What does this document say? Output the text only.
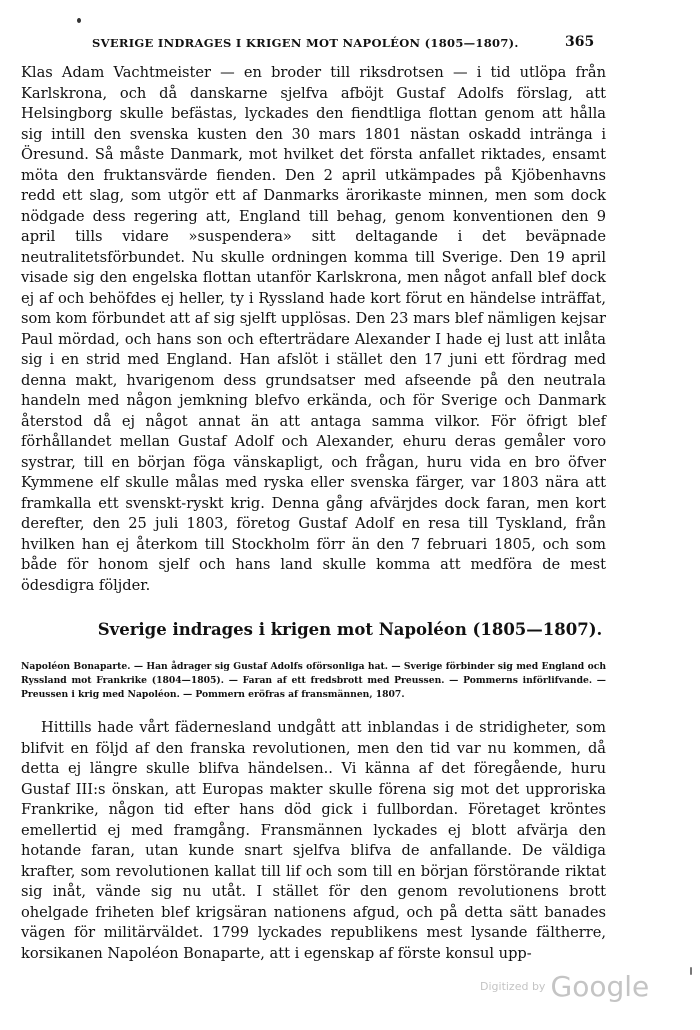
SVERIGE INDRAGES I KRIGEN MOT NAPOLÉON (1805—1807).	365

Klas Adam Vachtmeister — en broder till riksdrotsen — i tid utlöpa från Karlskrona, och då danskarne sjelfva afböjt Gustaf Adolfs förslag, att Helsingborg skulle befästas, lyckades den fiendtliga flottan genom att hålla sig intill den svenska kusten den 30 mars 1801 nästan oskadd intränga i Öresund. Så måste Danmark, mot hvilket det första anfallet riktades, ensamt möta den fruktansvärde fienden. Den 2 april utkämpades på Kjöbenhavns redd ett slag, som utgör ett af Danmarks ärorikaste minnen, men som dock nödgade dess regering att, England till behag, genom konventionen den 9 april tills vidare »suspendera» sitt deltagande i det beväpnade neutralitetsförbundet. Nu skulle ordningen komma till Sverige. Den 19 april visade sig den engelska flottan utanför Karlskrona, men något anfall blef dock ej af och behöfdes ej heller, ty i Ryssland hade kort förut en händelse inträffat, som kom förbundet att af sig sjelft upplösas. Den 23 mars blef nämligen kejsar Paul mördad, och hans son och efterträdare Alexander I hade ej lust att inlåta sig i en strid med England. Han afslöt i stället den 17 juni ett fördrag med denna makt, hvarigenom dess grundsatser med afseende på den neutrala handeln med någon jemkning blefvo erkända, och för Sverige och Danmark återstod då ej något annat än att antaga samma vilkor. För öfrigt blef förhållandet mellan Gustaf Adolf och Alexander, ehuru deras gemåler voro systrar, till en början föga vänskapligt, och frågan, huru vida en bro öfver Kymmene elf skulle målas med ryska eller svenska färger, var 1803 nära att framkalla ett svenskt-ryskt krig. Denna gång afvärjdes dock faran, men kort derefter, den 25 juli 1803, företog Gustaf Adolf en resa till Tyskland, från hvilken han ej återkom till Stockholm förr än den 7 februari 1805, och som både för honom sjelf och hans land skulle komma att medföra de mest ödesdigra följder.

Sverige indrages i krigen mot Napoléon (1805—1807).

Napoléon Bonaparte. — Han ådrager sig Gustaf Adolfs oförsonliga hat. — Sverige förbinder sig med England och Ryssland mot Frankrike (1804—1805). — Faran af ett fredsbrott med Preussen. — Pommerns införlifvande. — Preussen i krig med Napoléon. — Pommern eröfras af fransmännen, 1807.

Hittills hade vårt fädernesland undgått att inblandas i de stridigheter, som blifvit en följd af den franska revolutionen, men den tid var nu kommen, då detta ej längre skulle blifva händelsen.. Vi känna af det föregående, huru Gustaf III:s önskan, att Europas makter skulle förena sig mot det upproriska Frankrike, någon tid efter hans död gick i fullbordan. Företaget kröntes emellertid ej med framgång. Fransmännen lyckades ej blott afvärja den hotande faran, utan kunde snart sjelfva blifva de anfallande. De väldiga krafter, som revolutionen kallat till lif och som till en början förstörande riktat sig inåt, vände sig nu utåt. I stället för den genom revolutionens brott ohelgade friheten blef krigsäran nationens afgud, och på detta sätt banades vägen för militärväldet. 1799 lyckades republikens mest lysande fältherre, korsikanen Napoléon Bonaparte, att i egenskap af förste konsul upp-

Digitized by Google
